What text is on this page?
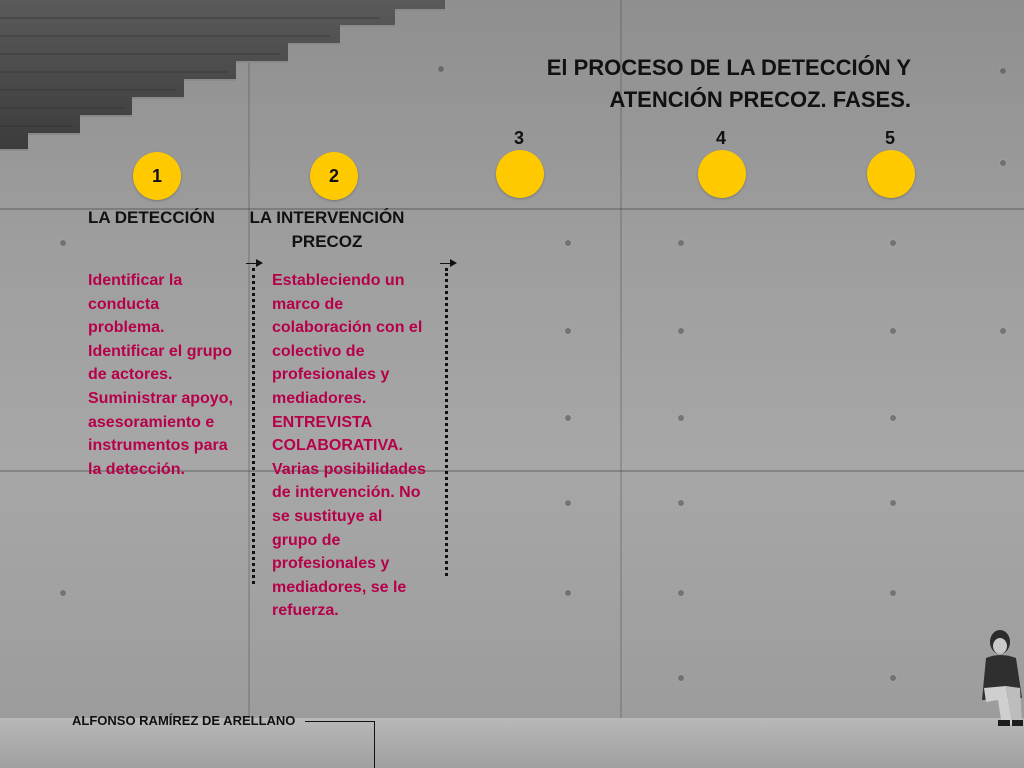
El PROCESO DE LA DETECCIÓN Y
ATENCIÓN PRECOZ. FASES.
1	2
3	4	5
LA DETECCIÓN
Identificar la
conducta
problema.
Identificar el grupo
de actores.
Suministrar apoyo,
asesoramiento e
instrumentos para
la detección.
LA INTERVENCIÓN
PRECOZ
Estableciendo un
marco de
colaboración con el
colectivo de
profesionales y
mediadores.
ENTREVISTA
COLABORATIVA.
Varias posibilidades
de intervención. No
se sustituye al
grupo de
profesionales y
mediadores, se le
refuerza.
ALFONSO RAMÍREZ DE ARELLANO
